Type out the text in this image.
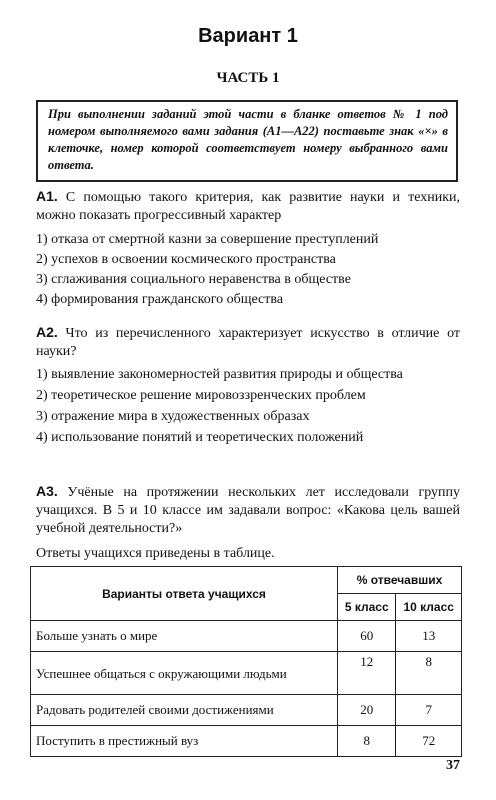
Вариант 1
ЧАСТЬ 1
При выполнении заданий этой части в бланке ответов № 1 под номером выполняемого вами задания (А1—А22) поставьте знак «×» в клеточке, номер которой соответствует номеру выбранного вами ответа.
А1. С помощью такого критерия, как развитие науки и техники, можно показать прогрессивный характер

1) отказа от смертной казни за совершение преступлений

2) успехов в освоении космического пространства

3) сглаживания социального неравенства в обществе

4) формирования гражданского общества

А2. Что из перечисленного характеризует искусство в отличие от науки?

1) выявление закономерностей развития природы и общества

2) теоретическое решение мировоззренческих проблем

3) отражение мира в художественных образах

4) использование понятий и теоретических положений

А3. Учёные на протяжении нескольких лет исследовали группу учащихся. В 5 и 10 классе им задавали вопрос: «Какова цель вашей учебной деятельности?»
Ответы учащихся приведены в таблице.
Варианты ответа учащихся	% отвечавших	
	5 класс	10 класс
Больше узнать о мире	60	13
Успешнее общаться с окружающими людьми	12	8
Радовать родителей своими достижениями	20	7
Поступить в престижный вуз	8	72
37
